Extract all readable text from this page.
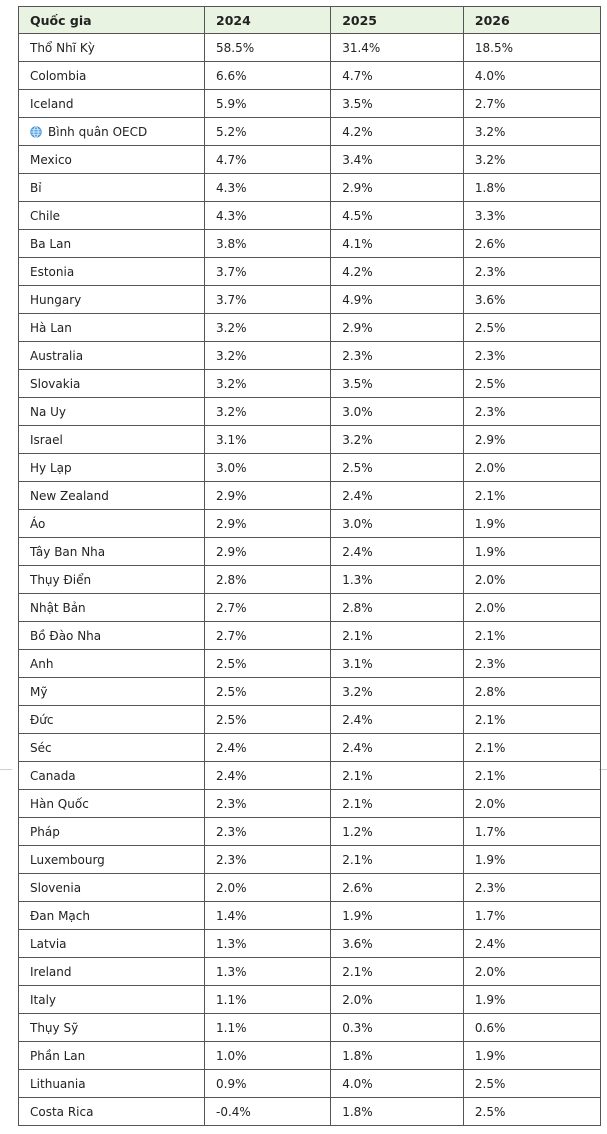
Quốc gia	2024	2025	2026
Thổ Nhĩ Kỳ	58.5%	31.4%	18.5%
Colombia	6.6%	4.7%	4.0%
Iceland	5.9%	3.5%	2.7%
Bình quân OECD	5.2%	4.2%	3.2%
Mexico	4.7%	3.4%	3.2%
Bỉ	4.3%	2.9%	1.8%
Chile	4.3%	4.5%	3.3%
Ba Lan	3.8%	4.1%	2.6%
Estonia	3.7%	4.2%	2.3%
Hungary	3.7%	4.9%	3.6%
Hà Lan	3.2%	2.9%	2.5%
Australia	3.2%	2.3%	2.3%
Slovakia	3.2%	3.5%	2.5%
Na Uy	3.2%	3.0%	2.3%
Israel	3.1%	3.2%	2.9%
Hy Lạp	3.0%	2.5%	2.0%
New Zealand	2.9%	2.4%	2.1%
Áo	2.9%	3.0%	1.9%
Tây Ban Nha	2.9%	2.4%	1.9%
Thụy Điển	2.8%	1.3%	2.0%
Nhật Bản	2.7%	2.8%	2.0%
Bồ Đào Nha	2.7%	2.1%	2.1%
Anh	2.5%	3.1%	2.3%
Mỹ	2.5%	3.2%	2.8%
Đức	2.5%	2.4%	2.1%
Séc	2.4%	2.4%	2.1%
Canada	2.4%	2.1%	2.1%
Hàn Quốc	2.3%	2.1%	2.0%
Pháp	2.3%	1.2%	1.7%
Luxembourg	2.3%	2.1%	1.9%
Slovenia	2.0%	2.6%	2.3%
Đan Mạch	1.4%	1.9%	1.7%
Latvia	1.3%	3.6%	2.4%
Ireland	1.3%	2.1%	2.0%
Italy	1.1%	2.0%	1.9%
Thụy Sỹ	1.1%	0.3%	0.6%
Phần Lan	1.0%	1.8%	1.9%
Lithuania	0.9%	4.0%	2.5%
Costa Rica	-0.4%	1.8%	2.5%
